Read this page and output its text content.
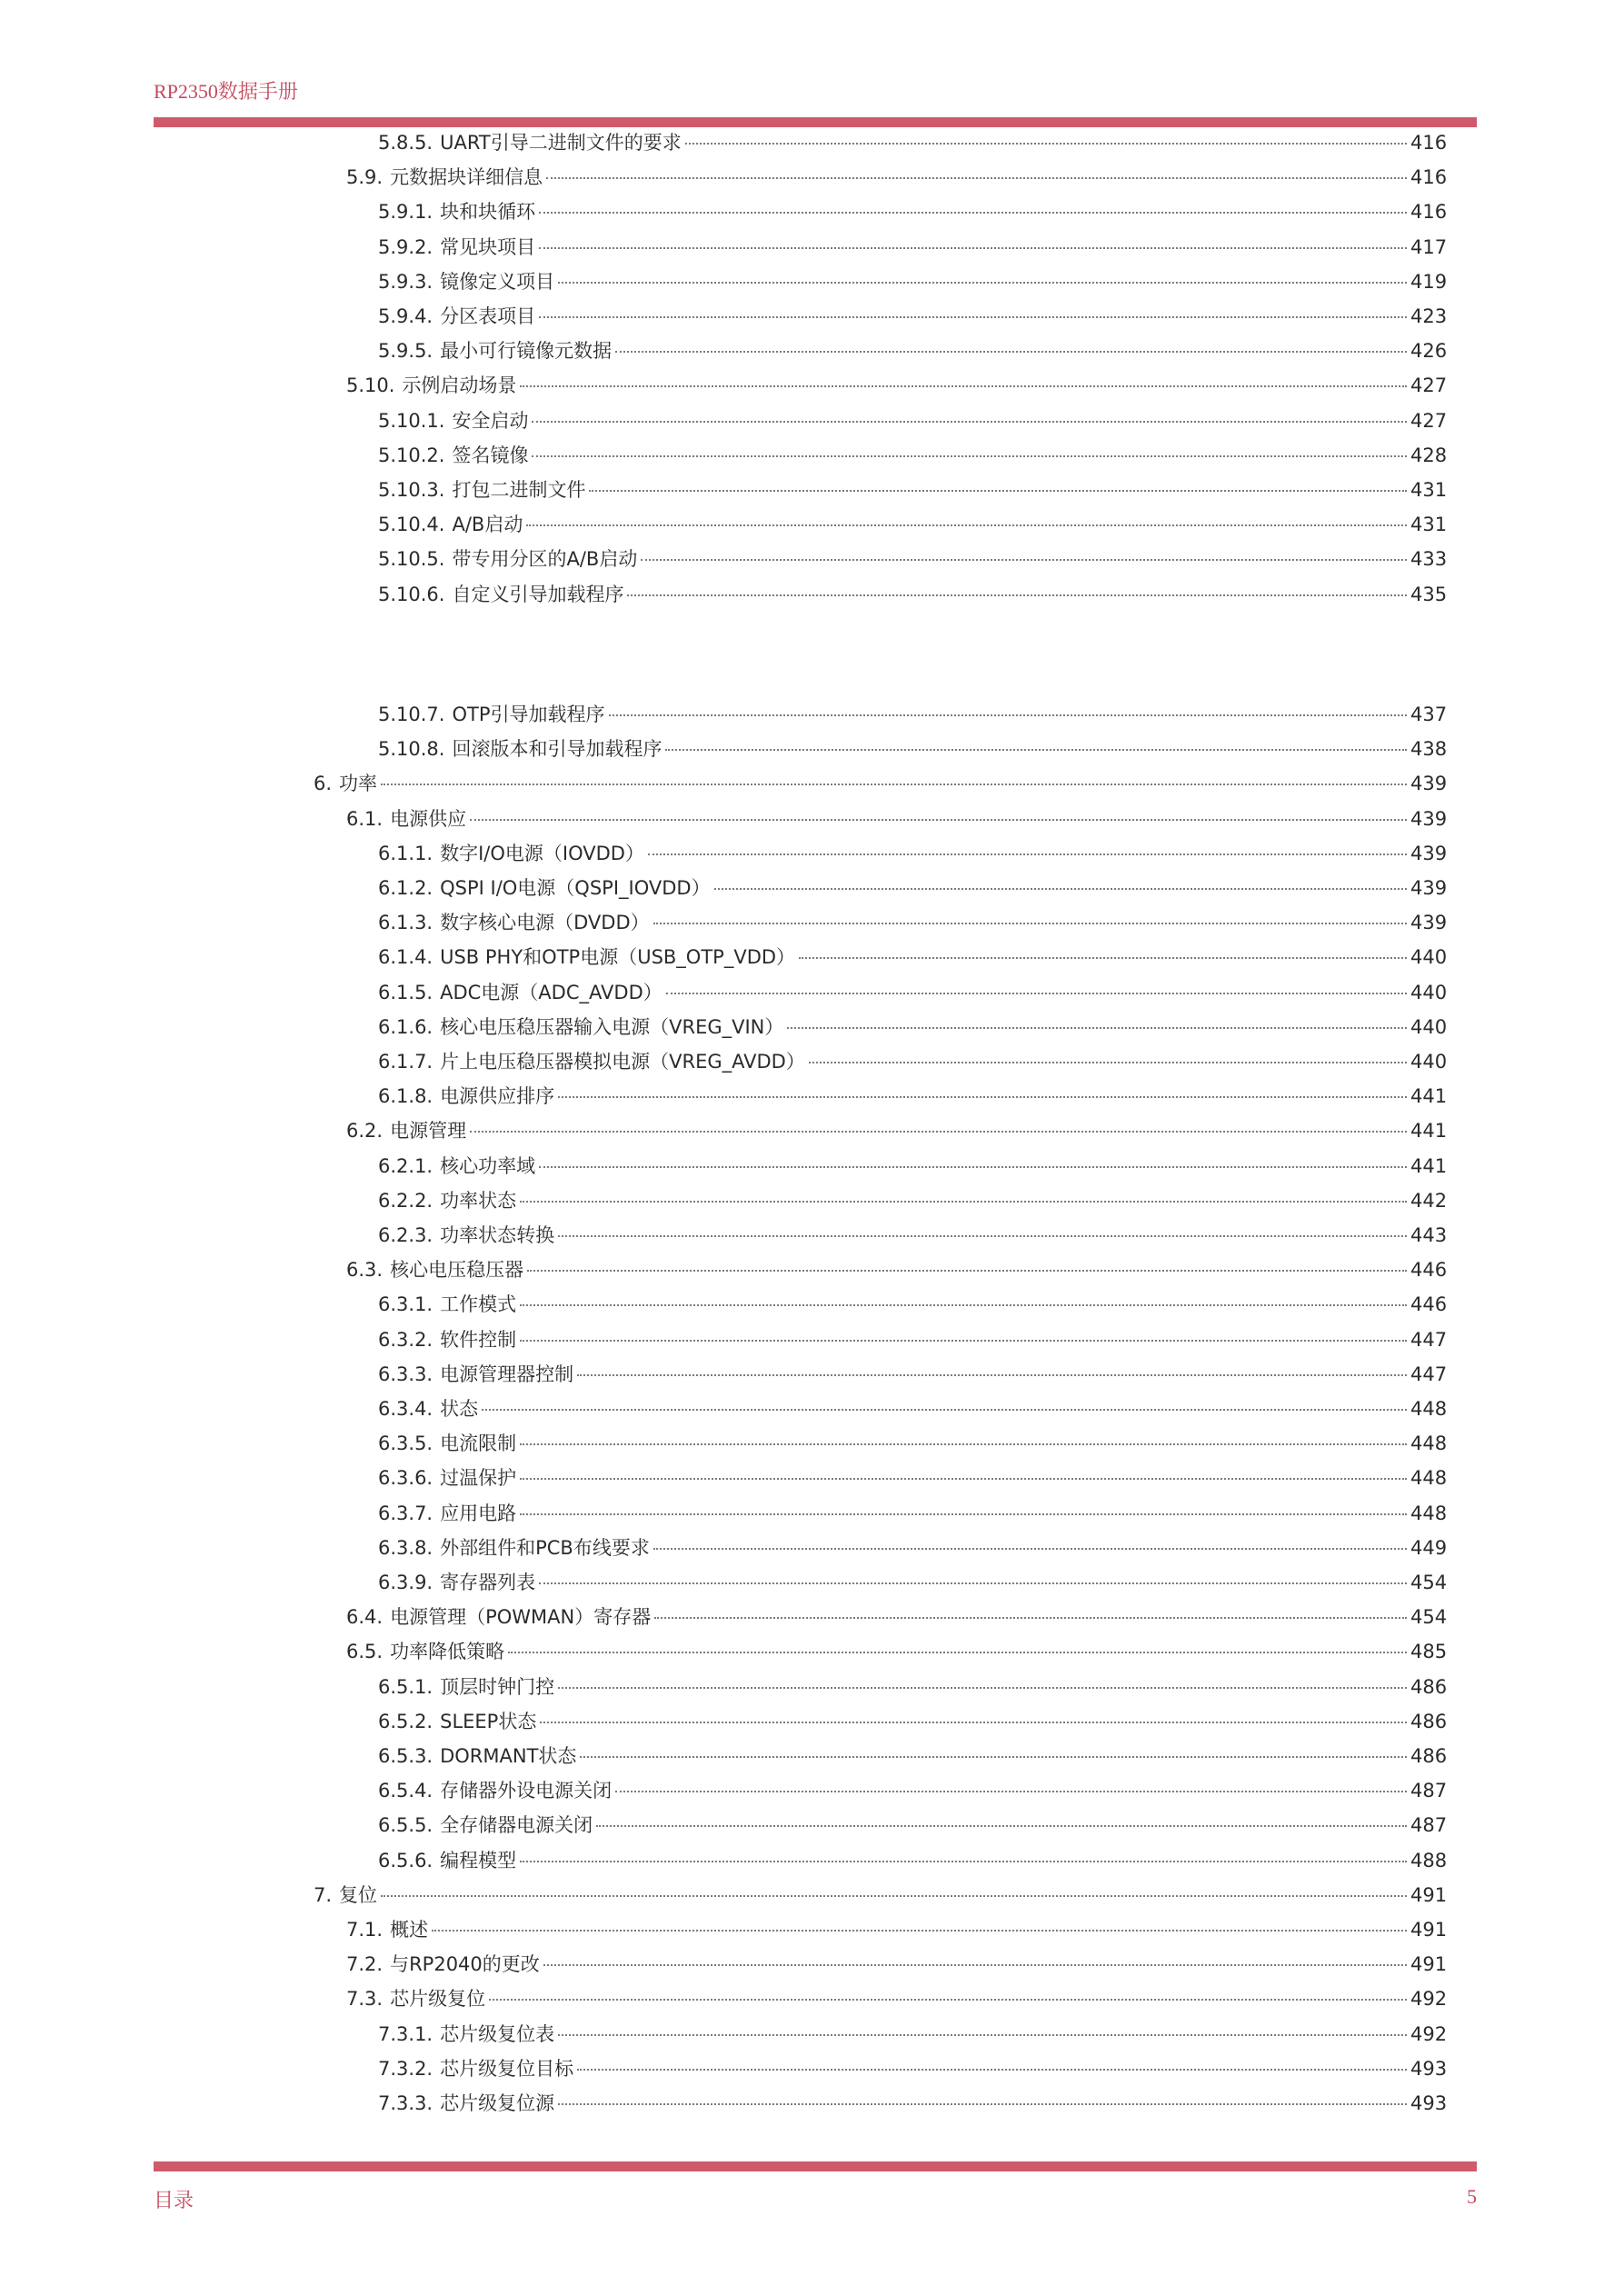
RP2350数据手册
5.8.5. UART引导二进制文件的要求	416
5.9. 元数据块详细信息	416
5.9.1. 块和块循环	416
5.9.2. 常见块项目	417
5.9.3. 镜像定义项目	419
5.9.4. 分区表项目	423
5.9.5. 最小可行镜像元数据	426
5.10. 示例启动场景	427
5.10.1. 安全启动	427
5.10.2. 签名镜像	428
5.10.3. 打包二进制文件	431
5.10.4. A/B启动	431
5.10.5. 带专用分区的A/B启动	433
5.10.6. 自定义引导加载程序	435
5.10.7. OTP引导加载程序	437
5.10.8. 回滚版本和引导加载程序	438
6. 功率	439
6.1. 电源供应	439
6.1.1. 数字I/O电源（IOVDD）	439
6.1.2. QSPI I/O电源（QSPI_IOVDD）	439
6.1.3. 数字核心电源（DVDD）	439
6.1.4. USB PHY和OTP电源（USB_OTP_VDD）	440
6.1.5. ADC电源（ADC_AVDD）	440
6.1.6. 核心电压稳压器输入电源（VREG_VIN）	440
6.1.7. 片上电压稳压器模拟电源（VREG_AVDD）	440
6.1.8. 电源供应排序	441
6.2. 电源管理	441
6.2.1. 核心功率域	441
6.2.2. 功率状态	442
6.2.3. 功率状态转换	443
6.3. 核心电压稳压器	446
6.3.1. 工作模式	446
6.3.2. 软件控制	447
6.3.3. 电源管理器控制	447
6.3.4. 状态	448
6.3.5. 电流限制	448
6.3.6. 过温保护	448
6.3.7. 应用电路	448
6.3.8. 外部组件和PCB布线要求	449
6.3.9. 寄存器列表	454
6.4. 电源管理（POWMAN）寄存器	454
6.5. 功率降低策略	485
6.5.1. 顶层时钟门控	486
6.5.2. SLEEP状态	486
6.5.3. DORMANT状态	486
6.5.4. 存储器外设电源关闭	487
6.5.5. 全存储器电源关闭	487
6.5.6. 编程模型	488
7. 复位	491
7.1. 概述	491
7.2. 与RP2040的更改	491
7.3. 芯片级复位	492
7.3.1. 芯片级复位表	492
7.3.2. 芯片级复位目标	493
7.3.3. 芯片级复位源	493
目录	5
